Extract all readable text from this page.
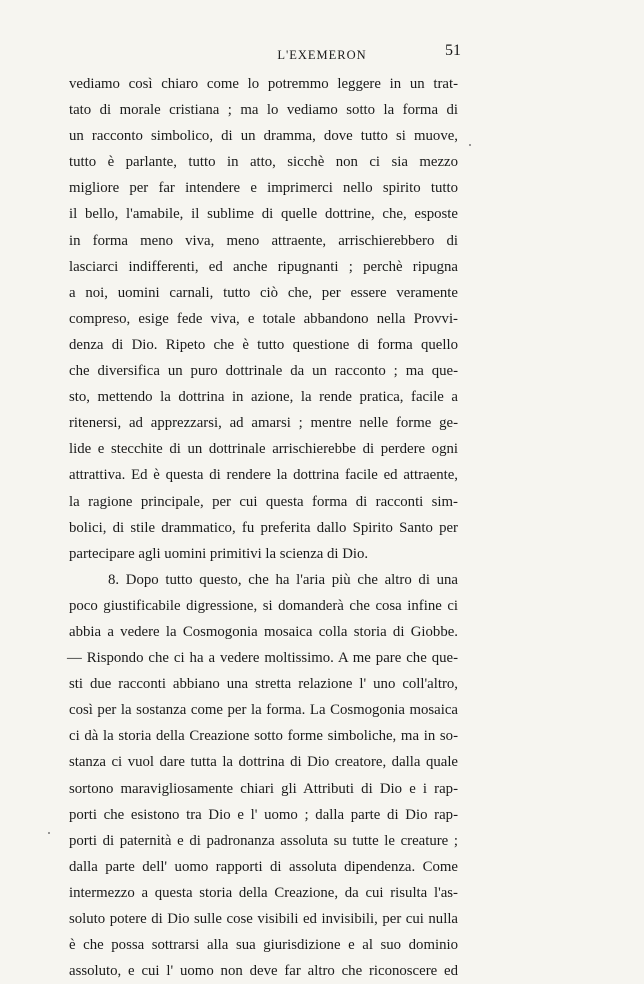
L'EXEMERON	51
vediamo così chiaro come lo potremmo leggere in un trat-
tato di morale cristiana ; ma lo vediamo sotto la forma di
un racconto simbolico, di un dramma, dove tutto si muove,
tutto è parlante, tutto in atto, sicchè non ci sia mezzo
migliore per far intendere e imprimerci nello spirito tutto
il bello, l'amabile, il sublime di quelle dottrine, che, esposte
in forma meno viva, meno attraente, arrischierebbero di
lasciarci indifferenti, ed anche ripugnanti ; perchè ripugna
a noi, uomini carnali, tutto ciò che, per essere veramente
compreso, esige fede viva, e totale abbandono nella Provvi-
denza di Dio. Ripeto che è tutto questione di forma quello
che diversifica un puro dottrinale da un racconto ; ma que-
sto, mettendo la dottrina in azione, la rende pratica, facile a
ritenersi, ad apprezzarsi, ad amarsi ; mentre nelle forme ge-
lide e stecchite di un dottrinale arrischierebbe di perdere ogni
attrattiva. Ed è questa di rendere la dottrina facile ed attraente,
la ragione principale, per cui questa forma di racconti sim-
bolici, di stile drammatico, fu preferita dallo Spirito Santo per
partecipare agli uomini primitivi la scienza di Dio.
8. Dopo tutto questo, che ha l'aria più che altro di una
poco giustificabile digressione, si domanderà che cosa infine ci
abbia a vedere la Cosmogonia mosaica colla storia di Giobbe.
— Rispondo che ci ha a vedere moltissimo. A me pare che que-
sti due racconti abbiano una stretta relazione l' uno coll'altro,
così per la sostanza come per la forma. La Cosmogonia mosaica
ci dà la storia della Creazione sotto forme simboliche, ma in so-
stanza ci vuol dare tutta la dottrina di Dio creatore, dalla quale
sortono maravigliosamente chiari gli Attributi di Dio e i rap-
porti che esistono tra Dio e l' uomo ; dalla parte di Dio rap-
porti di paternità e di padronanza assoluta su tutte le creature ;
dalla parte dell' uomo rapporti di assoluta dipendenza. Come
intermezzo a questa storia della Creazione, da cui risulta l'as-
soluto potere di Dio sulle cose visibili ed invisibili, per cui nulla
è che possa sottrarsi alla sua giurisdizione e al suo dominio
assoluto, e cui l' uomo non deve far altro che riconoscere ed
